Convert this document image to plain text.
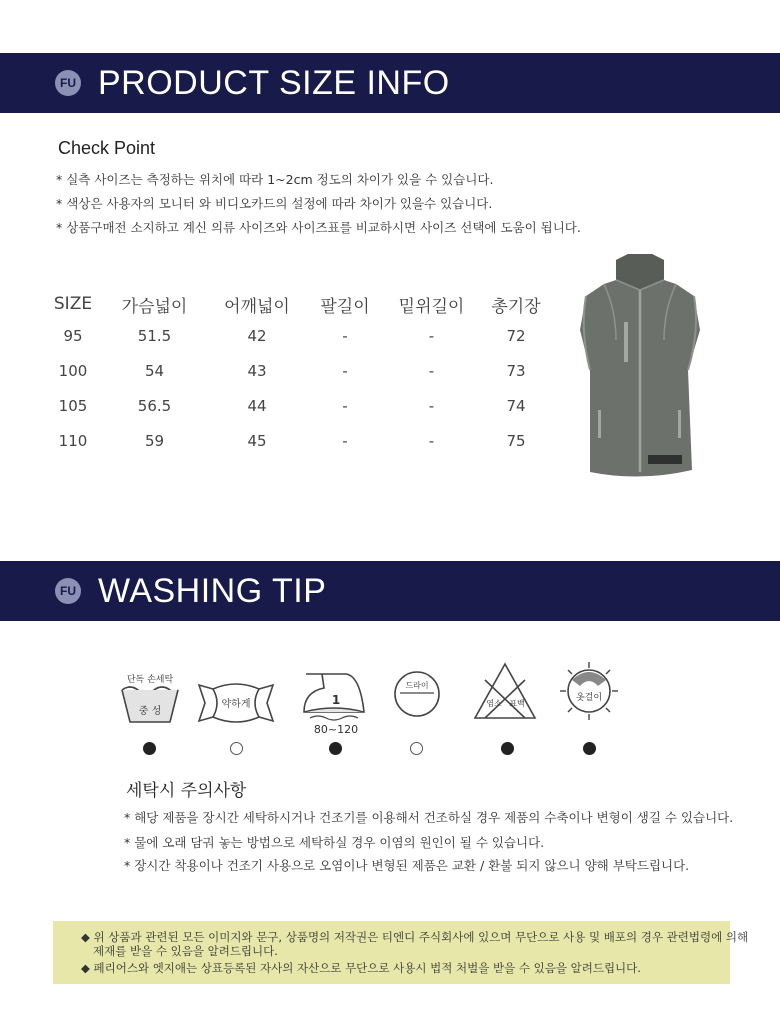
FU PRODUCT SIZE INFO
Check Point
* 실측 사이즈는 측정하는 위치에 따라 1~2cm 정도의 차이가 있을 수 있습니다.
* 색상은 사용자의 모니터 와 비디오카드의 설정에 따라 차이가 있을수 있습니다.
* 상품구매전 소지하고 계신 의류 사이즈와 사이즈표를 비교하시면 사이즈 선택에 도움이 됩니다.
SIZE	가슴넓이	어깨넓이	팔길이	밑위길이	총기장
95	51.5	42	-	-	72
100	54	43	-	-	73
105	56.5	44	-	-	74
110	59	45	-	-	75
FU WASHING TIP
단독 손세탁
중 성
약하게	1
80~120
드라이
염소 표백
옷걸이
세탁시 주의사항
* 해당 제품을 장시간 세탁하시거나 건조기를 이용해서 건조하실 경우 제품의 수축이나 변형이 생길 수 있습니다.
* 물에 오래 담궈 놓는 방법으로 세탁하실 경우 이염의 원인이 될 수 있습니다.
* 장시간 착용이나 건조기 사용으로 오염이나 변형된 제품은 교환 / 환불 되지 않으니 양해 부탁드립니다.
◆ 위 상품과 관련된 모든 이미지와 문구, 상품명의 저작권은 티엔디 주식회사에 있으며 무단으로 사용 및 배포의 경우 관련법령에 의해
제재를 받을 수 있음을 알려드립니다.
◆ 페리어스와 엣지애는 상표등록된 자사의 자산으로 무단으로 사용시 법적 처벌을 받을 수 있음을 알려드립니다.
